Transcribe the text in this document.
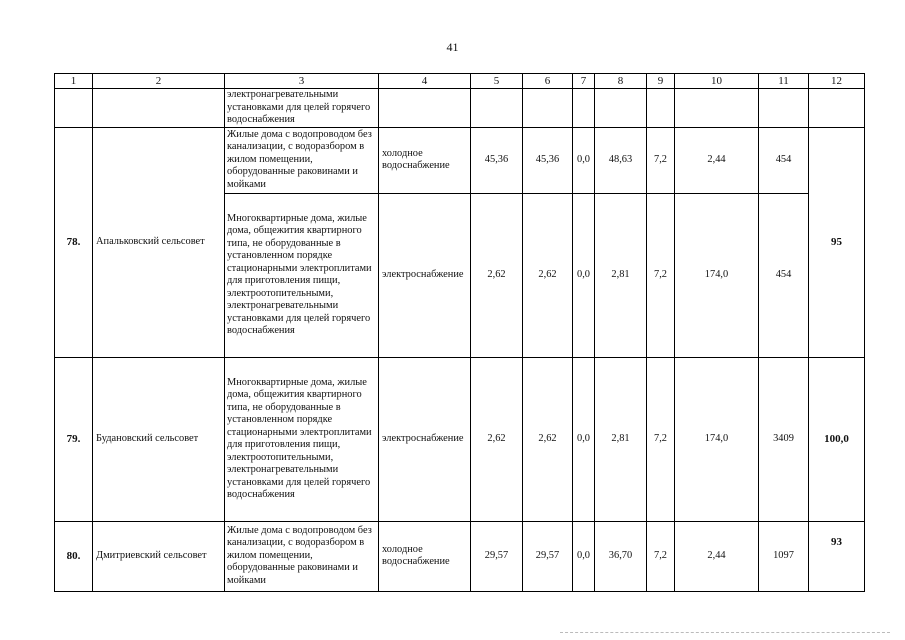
41
1	2	3	4	5	6	7	8	9	10	11	12
		электронагревательными установками для целей горячего водоснабжения									
78.	Апальковский сельсовет	Жилые дома с водопроводом без канализации, с водоразбором в жилом помещении, оборудованные раковинами и мойками	холодное водоснабжение	45,36	45,36	0,0	48,63	7,2	2,44	454	95
		Многоквартирные дома, жилые дома, общежития квартирного типа, не оборудованные в установленном порядке стационарными электроплитами для приготовления пищи, электроотопительными, электронагревательными установками для целей горячего водоснабжения	электроснабжение	2,62	2,62	0,0	2,81	7,2	174,0	454	
79.	Будановский сельсовет	Многоквартирные дома, жилые дома, общежития квартирного типа, не оборудованные в установленном порядке стационарными электроплитами для приготовления пищи, электроотопительными, электронагревательными установками для целей горячего водоснабжения	электроснабжение	2,62	2,62	0,0	2,81	7,2	174,0	3409	100,0
80.	Дмитриевский сельсовет	Жилые дома с водопроводом без канализации, с водоразбором в жилом помещении, оборудованные раковинами и мойками	холодное водоснабжение	29,57	29,57	0,0	36,70	7,2	2,44	1097	93
